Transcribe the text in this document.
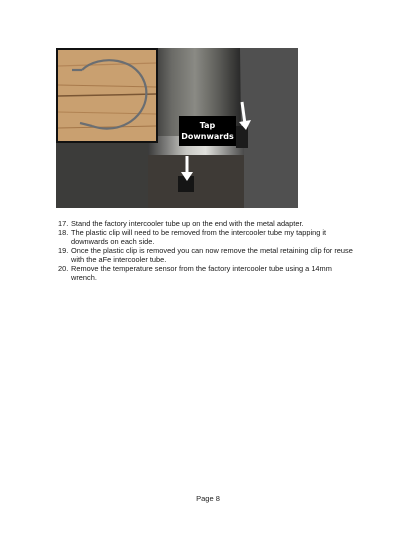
Tap
Downwards
17. Stand the factory intercooler tube up on the end with the metal adapter.
18. The plastic clip will need to be removed from the intercooler tube my tapping it downwards on each side.
19. Once the plastic clip is removed you can now remove the metal retaining clip for reuse with the aFe intercooler tube.
20. Remove the temperature sensor from the factory intercooler tube using a 14mm wrench.
Page 8
